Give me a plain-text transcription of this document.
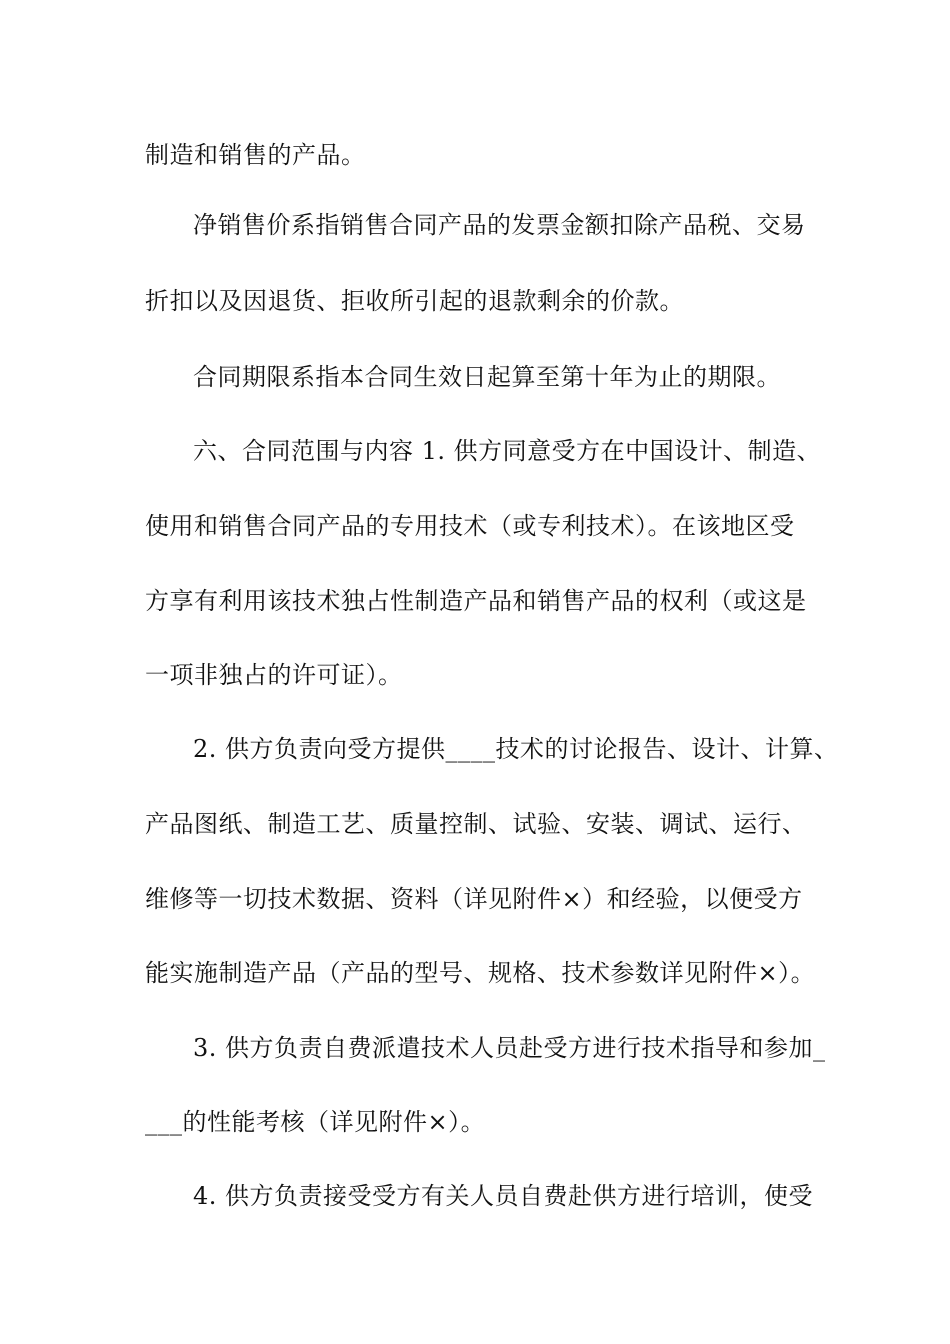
制造和销售的产品。

净销售价系指销售合同产品的发票金额扣除产品税、交易

折扣以及因退货、拒收所引起的退款剩余的价款。

合同期限系指本合同生效日起算至第十年为止的期限。

六、合同范围与内容 1. 供方同意受方在中国设计、制造、

使用和销售合同产品的专用技术（或专利技术）。在该地区受

方享有利用该技术独占性制造产品和销售产品的权利（或这是

一项非独占的许可证）。

2. 供方负责向受方提供____技术的讨论报告、设计、计算、

产品图纸、制造工艺、质量控制、试验、安装、调试、运行、

维修等一切技术数据、资料（详见附件×）和经验，以便受方

能实施制造产品（产品的型号、规格、技术参数详见附件×）。

3. 供方负责自费派遣技术人员赴受方进行技术指导和参加_

___的性能考核（详见附件×）。

4. 供方负责接受受方有关人员自费赴供方进行培训，使受
